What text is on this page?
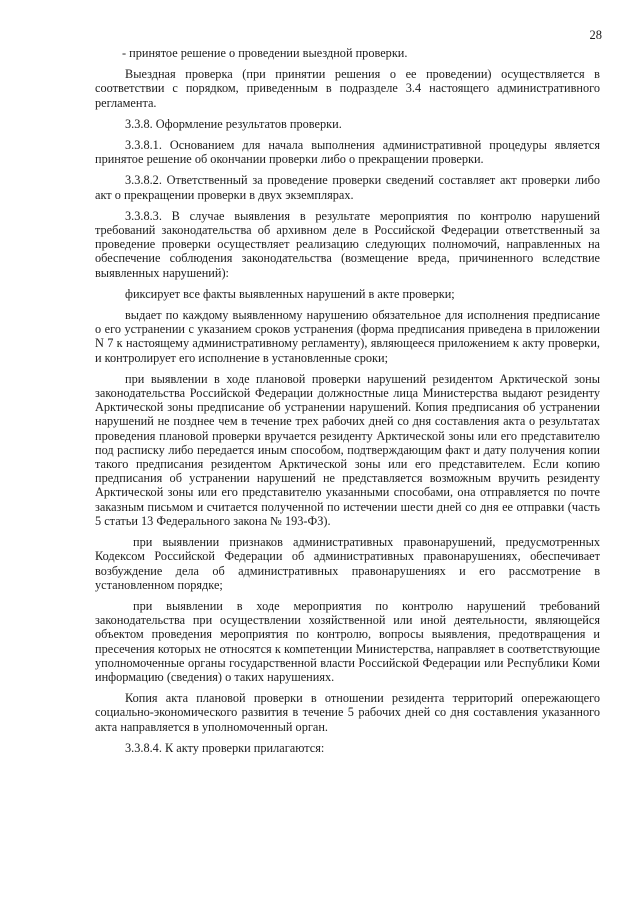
28

- принятое решение о проведении выездной проверки.

Выездная проверка (при принятии решения о ее проведении) осуществляется в соответствии с порядком, приведенным в подразделе 3.4 настоящего административного регламента.

3.3.8. Оформление результатов проверки.

3.3.8.1. Основанием для начала выполнения административной процедуры является принятое решение об окончании проверки либо о прекращении проверки.

3.3.8.2. Ответственный за проведение проверки сведений составляет акт проверки либо акт о прекращении проверки в двух экземплярах.

3.3.8.3. В случае выявления в результате мероприятия по контролю нарушений требований законодательства об архивном деле в Российской Федерации ответственный за проведение проверки осуществляет реализацию следующих полномочий, направленных на обеспечение соблюдения законодательства (возмещение вреда, причиненного вследствие выявленных нарушений):

фиксирует все факты выявленных нарушений в акте проверки;

выдает по каждому выявленному нарушению обязательное для исполнения предписание о его устранении с указанием сроков устранения (форма предписания приведена в приложении N 7 к настоящему административному регламенту), являющееся приложением к акту проверки, и контролирует его исполнение в установленные сроки;

при выявлении в ходе плановой проверки нарушений резидентом Арктической зоны законодательства Российской Федерации должностные лица Министерства выдают резиденту Арктической зоны предписание об устранении нарушений. Копия предписания об устранении нарушений не позднее чем в течение трех рабочих дней со дня составления акта о результатах проведения плановой проверки вручается резиденту Арктической зоны или его представителю под расписку либо передается иным способом, подтверждающим факт и дату получения копии такого предписания резидентом Арктической зоны или его представителем. Если копию предписания об устранении нарушений не представляется возможным вручить резиденту Арктической зоны или его представителю указанными способами, она отправляется по почте заказным письмом и считается полученной по истечении шести дней со дня ее отправки (часть 5 статьи 13 Федерального закона № 193-ФЗ).

при выявлении признаков административных правонарушений, предусмотренных Кодексом Российской Федерации об административных правонарушениях, обеспечивает возбуждение дела об административных правонарушениях и его рассмотрение в установленном порядке;

при выявлении в ходе мероприятия по контролю нарушений требований законодательства при осуществлении хозяйственной или иной деятельности, являющейся объектом проведения мероприятия по контролю, вопросы выявления, предотвращения и пресечения которых не относятся к компетенции Министерства, направляет в соответствующие уполномоченные органы государственной власти Российской Федерации или Республики Коми информацию (сведения) о таких нарушениях.

Копия акта плановой проверки в отношении резидента территорий опережающего социально-экономического развития в течение 5 рабочих дней со дня составления указанного акта направляется в уполномоченный орган.

3.3.8.4. К акту проверки прилагаются:
